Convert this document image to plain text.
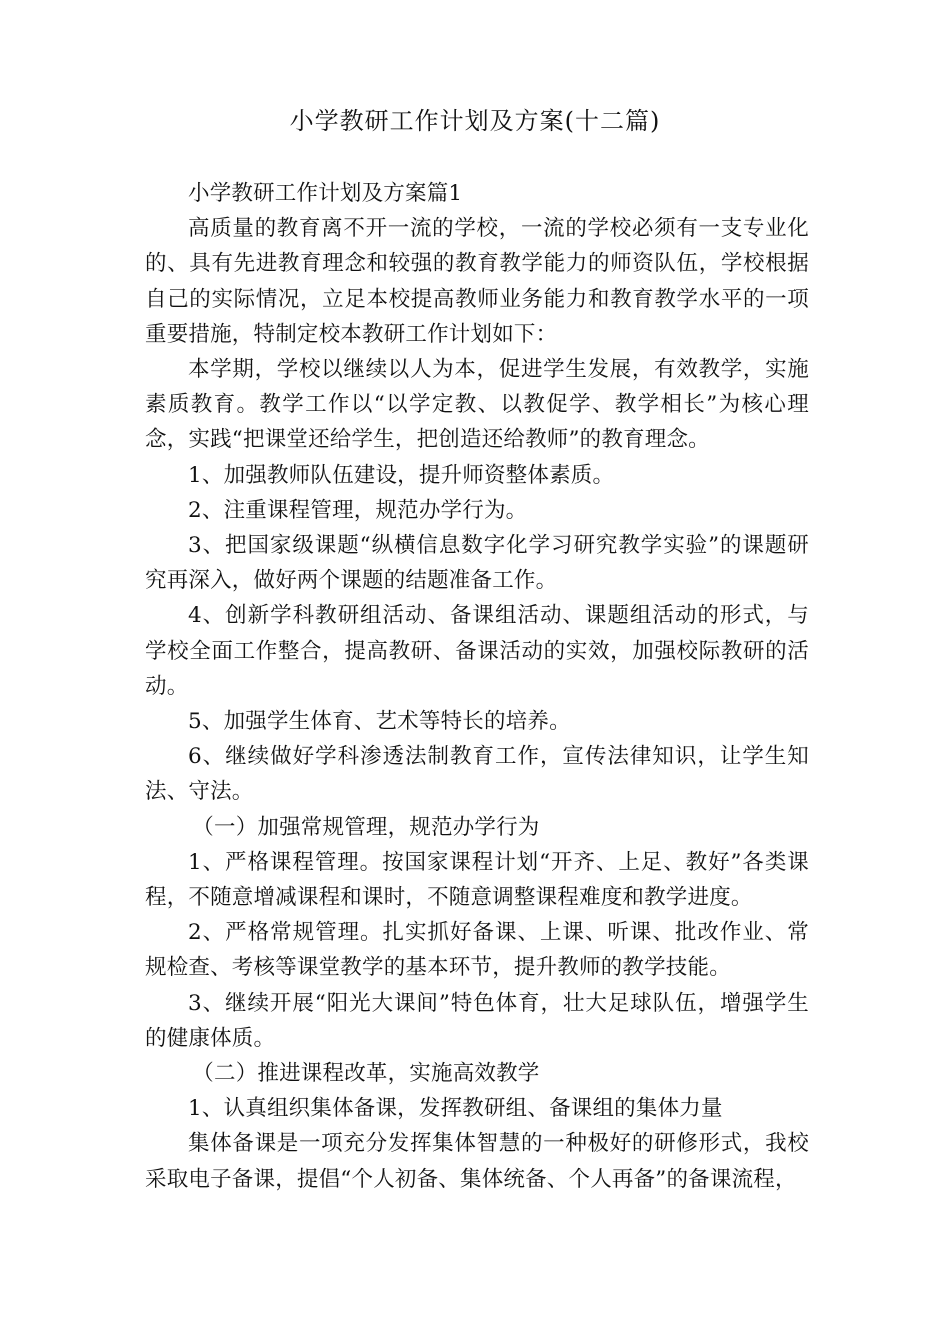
小学教研工作计划及方案(十二篇)

小学教研工作计划及方案篇1

高质量的教育离不开一流的学校，一流的学校必须有一支专业化的、具有先进教育理念和较强的教育教学能力的师资队伍，学校根据自己的实际情况，立足本校提高教师业务能力和教育教学水平的一项重要措施，特制定校本教研工作计划如下：

本学期，学校以继续以人为本，促进学生发展，有效教学，实施素质教育。教学工作以“以学定教、以教促学、教学相长”为核心理念，实践“把课堂还给学生，把创造还给教师”的教育理念。

1、加强教师队伍建设，提升师资整体素质。

2、注重课程管理，规范办学行为。

3、把国家级课题“纵横信息数字化学习研究教学实验”的课题研究再深入，做好两个课题的结题准备工作。

4、创新学科教研组活动、备课组活动、课题组活动的形式，与学校全面工作整合，提高教研、备课活动的实效，加强校际教研的活动。

5、加强学生体育、艺术等特长的培养。

6、继续做好学科渗透法制教育工作，宣传法律知识，让学生知法、守法。

（一）加强常规管理，规范办学行为

1、严格课程管理。按国家课程计划“开齐、上足、教好”各类课程，不随意增减课程和课时，不随意调整课程难度和教学进度。

2、严格常规管理。扎实抓好备课、上课、听课、批改作业、常规检查、考核等课堂教学的基本环节，提升教师的教学技能。

3、继续开展“阳光大课间”特色体育，壮大足球队伍，增强学生的健康体质。

（二）推进课程改革，实施高效教学

1、认真组织集体备课，发挥教研组、备课组的集体力量

集体备课是一项充分发挥集体智慧的一种极好的研修形式，我校采取电子备课，提倡“个人初备、集体统备、个人再备”的备课流程，
